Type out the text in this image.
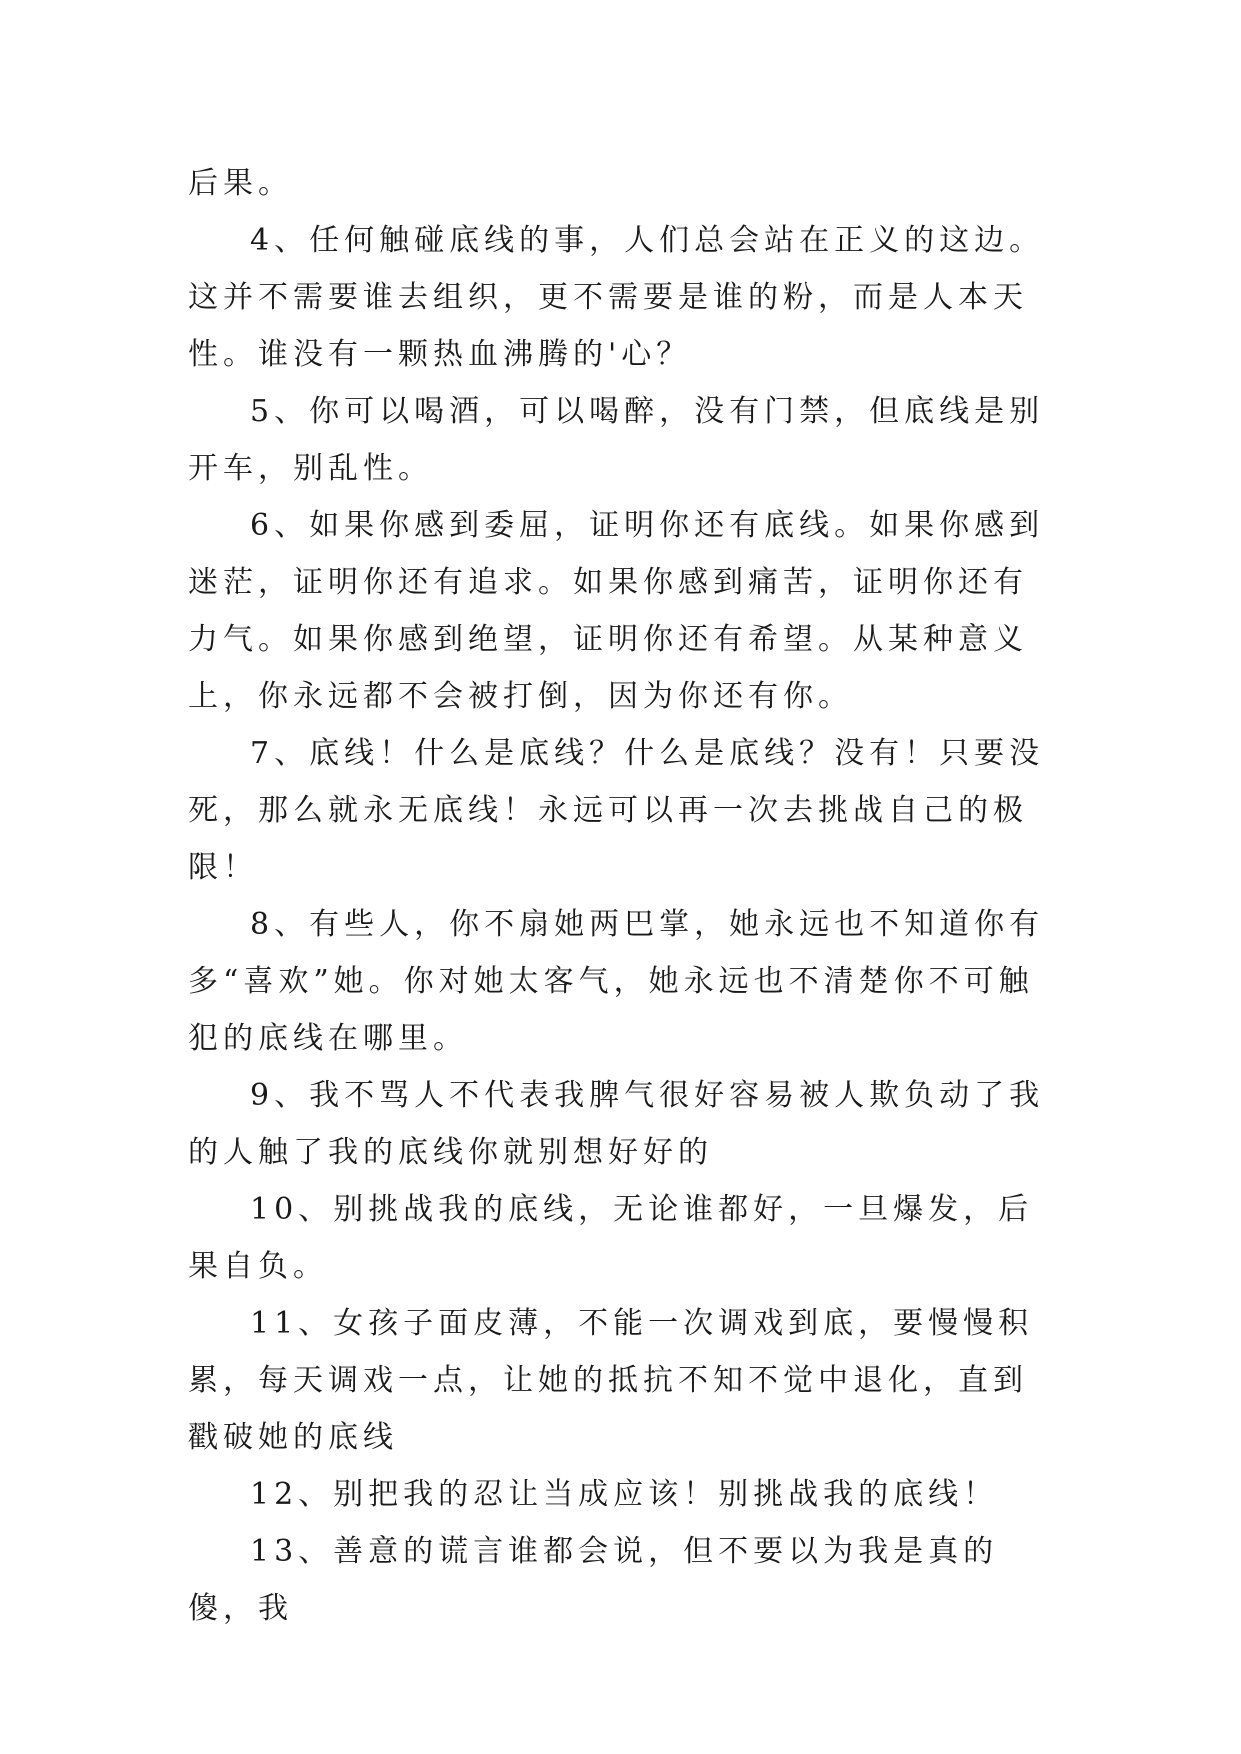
后果。

4、任何触碰底线的事，人们总会站在正义的这边。这并不需要谁去组织，更不需要是谁的粉，而是人本天性。谁没有一颗热血沸腾的'心？

5、你可以喝酒，可以喝醉，没有门禁，但底线是别开车，别乱性。

6、如果你感到委屈，证明你还有底线。如果你感到迷茫，证明你还有追求。如果你感到痛苦，证明你还有力气。如果你感到绝望，证明你还有希望。从某种意义上，你永远都不会被打倒，因为你还有你。

7、底线！什么是底线？什么是底线？没有！只要没死，那么就永无底线！永远可以再一次去挑战自己的极限！

8、有些人，你不扇她两巴掌，她永远也不知道你有多“喜欢”她。你对她太客气，她永远也不清楚你不可触犯的底线在哪里。

9、我不骂人不代表我脾气很好容易被人欺负动了我的人触了我的底线你就别想好好的

10、别挑战我的底线，无论谁都好，一旦爆发，后果自负。

11、女孩子面皮薄，不能一次调戏到底，要慢慢积累，每天调戏一点，让她的抵抗不知不觉中退化，直到戳破她的底线

12、别把我的忍让当成应该！别挑战我的底线！

13、善意的谎言谁都会说，但不要以为我是真的傻，我
